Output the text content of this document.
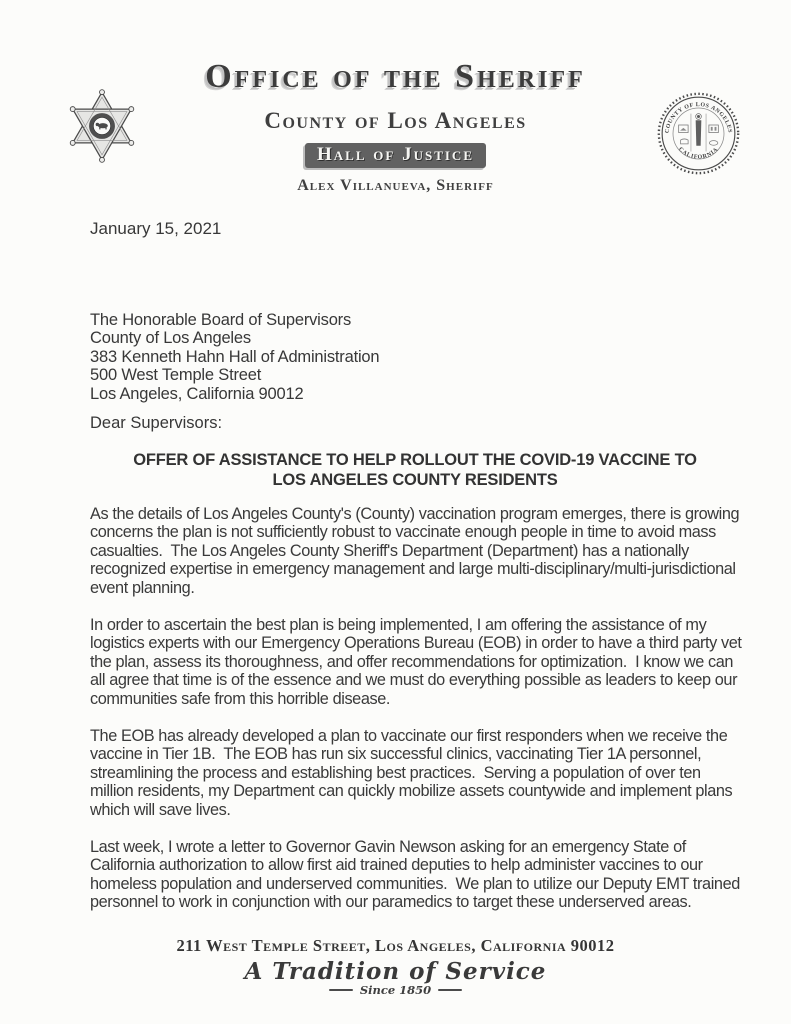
Office of the Sheriff
County of Los Angeles
Hall of Justice
Alex Villanueva, Sheriff
COUNTY OF LOS ANGELES
CALIFORNIA
January 15, 2021
The Honorable Board of Supervisors
County of Los Angeles
383 Kenneth Hahn Hall of Administration
500 West Temple Street
Los Angeles, California 90012
Dear Supervisors:
OFFER OF ASSISTANCE TO HELP ROLLOUT THE COVID-19 VACCINE TO
LOS ANGELES COUNTY RESIDENTS

As the details of Los Angeles County's (County) vaccination program emerges, there is growing concerns the plan is not sufficiently robust to vaccinate enough people in time to avoid mass casualties.  The Los Angeles County Sheriff's Department (Department) has a nationally recognized expertise in emergency management and large multi-disciplinary/multi-jurisdictional event planning.

In order to ascertain the best plan is being implemented, I am offering the assistance of my logistics experts with our Emergency Operations Bureau (EOB) in order to have a third party vet the plan, assess its thoroughness, and offer recommendations for optimization.  I know we can all agree that time is of the essence and we must do everything possible as leaders to keep our communities safe from this horrible disease.

The EOB has already developed a plan to vaccinate our first responders when we receive the vaccine in Tier 1B.  The EOB has run six successful clinics, vaccinating Tier 1A personnel, streamlining the process and establishing best practices.  Serving a population of over ten million residents, my Department can quickly mobilize assets countywide and implement plans which will save lives.

Last week, I wrote a letter to Governor Gavin Newson asking for an emergency State of California authorization to allow first aid trained deputies to help administer vaccines to our homeless population and underserved communities.  We plan to utilize our Deputy EMT trained personnel to work in conjunction with our paramedics to target these underserved areas.

211 West Temple Street, Los Angeles, California 90012
A Tradition of Service
Since 1850
